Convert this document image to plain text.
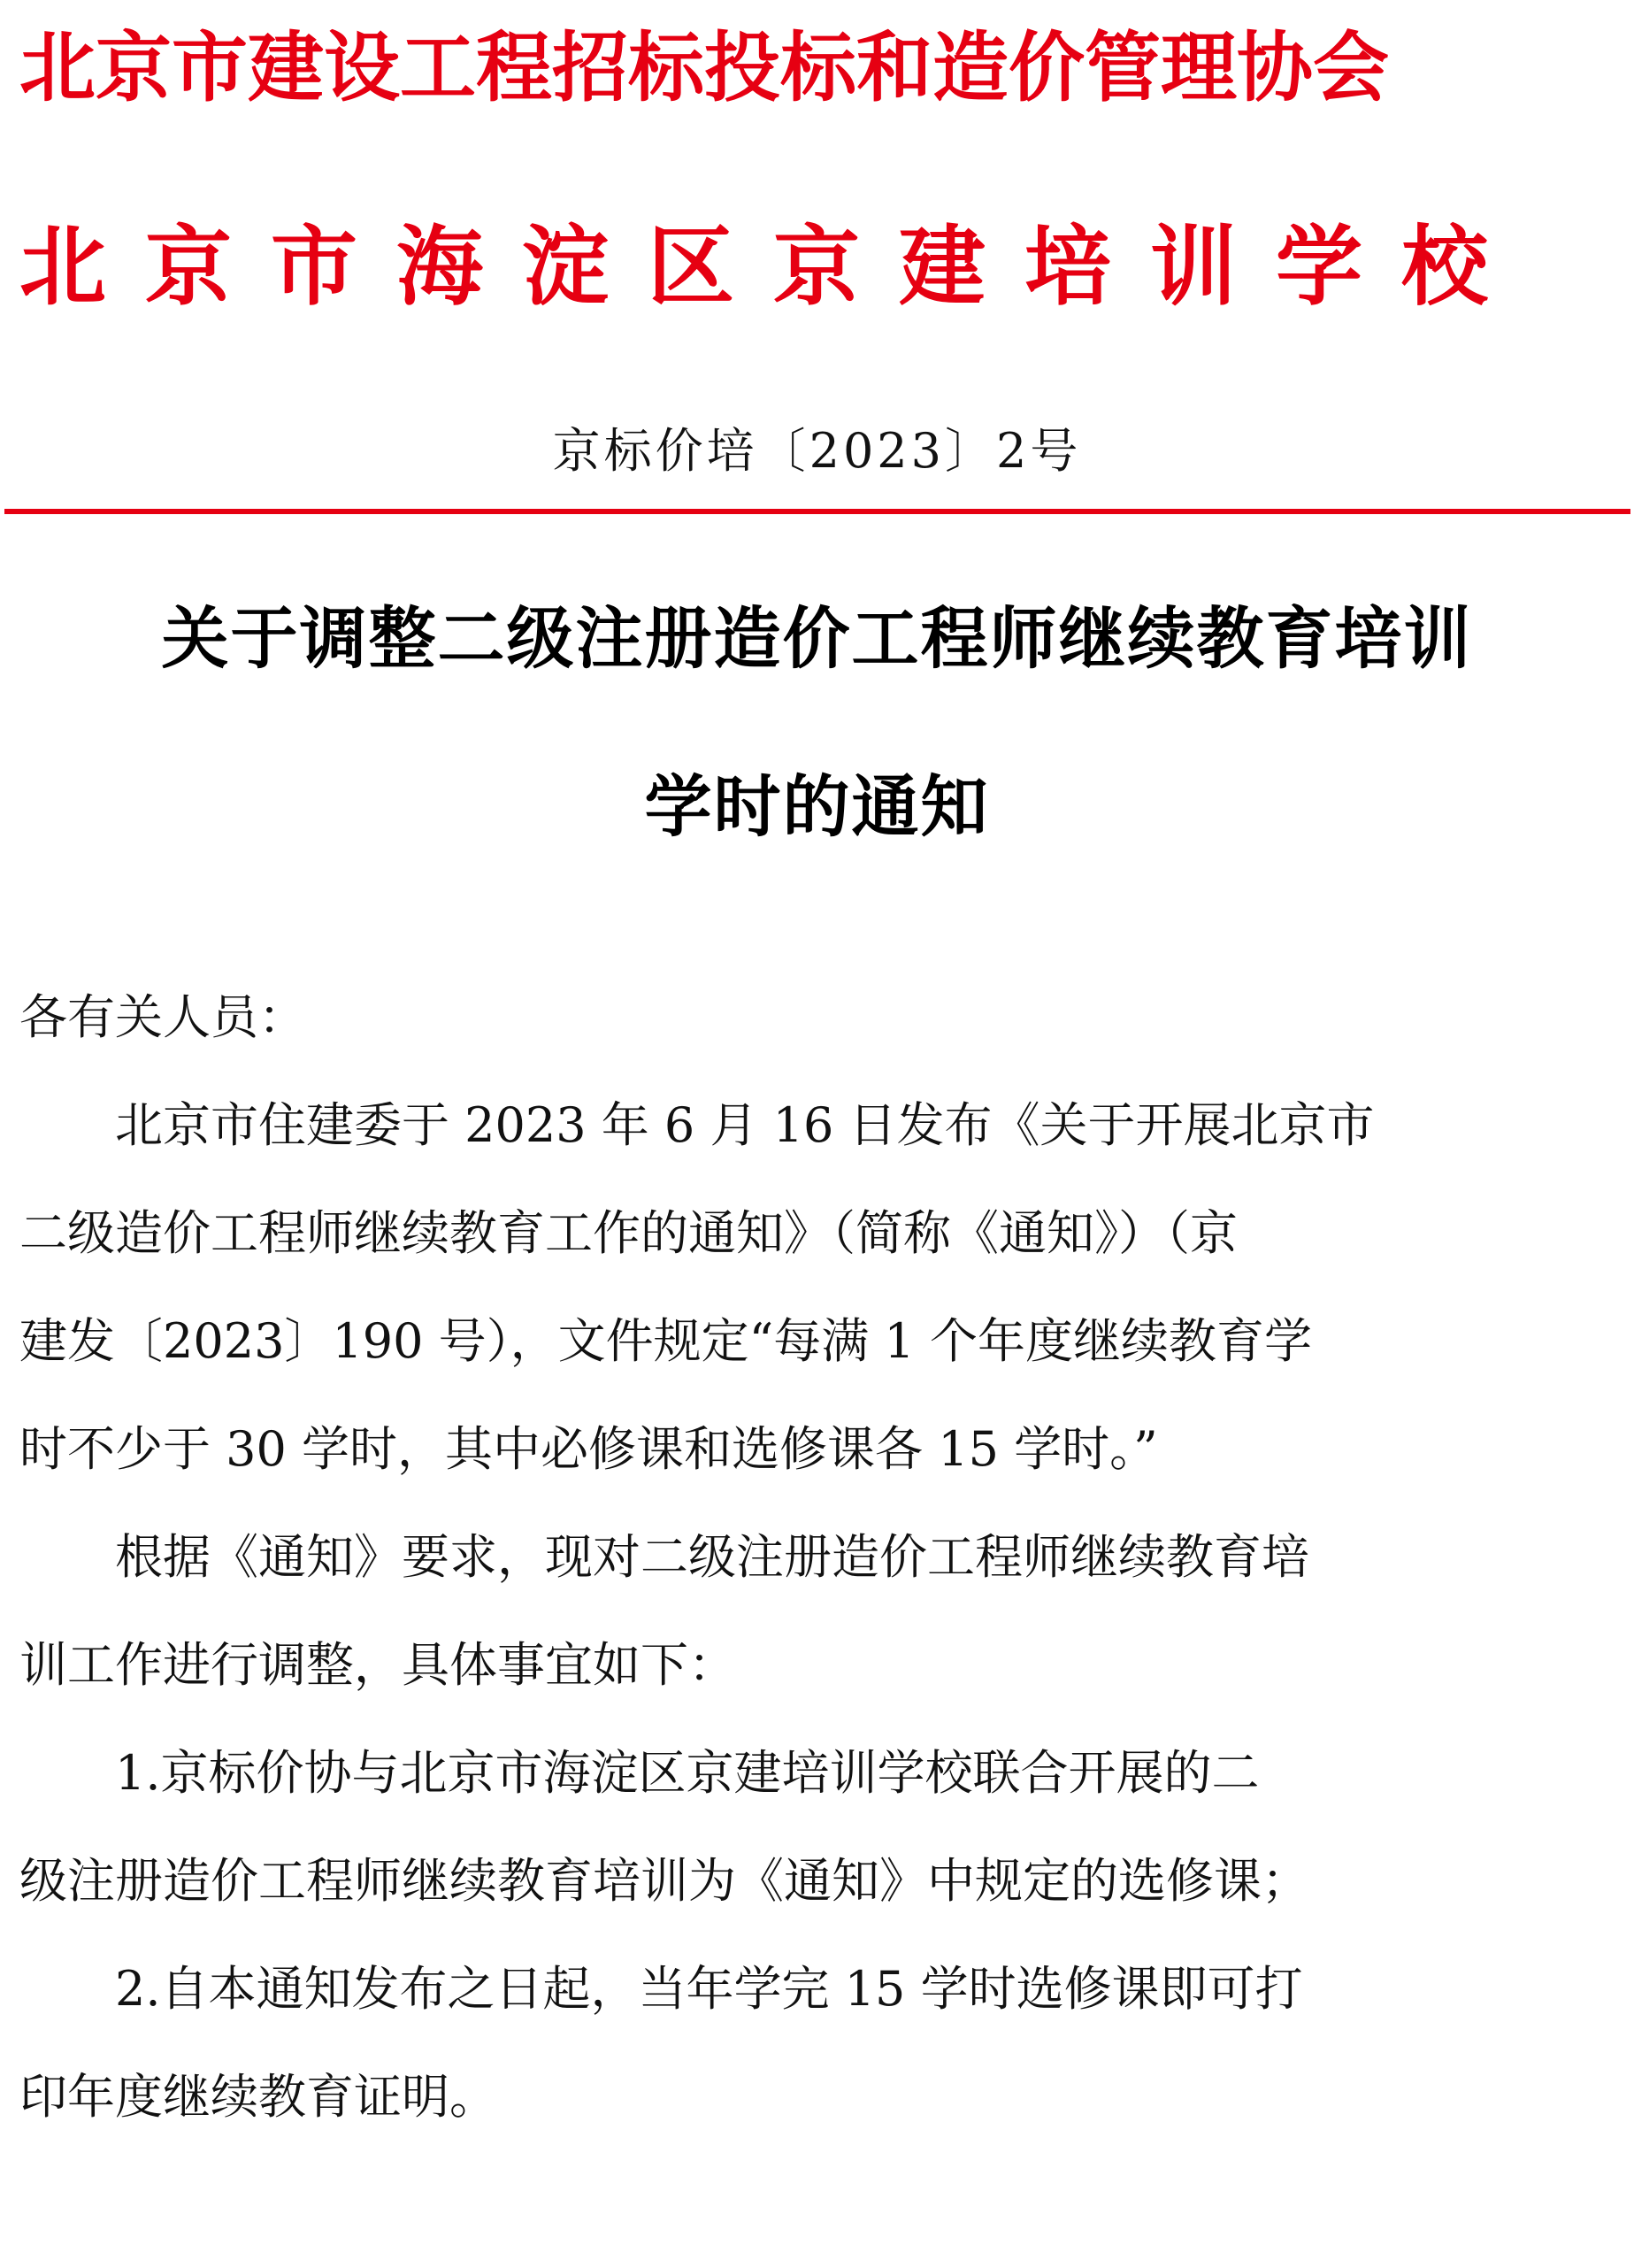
北京市建设工程招标投标和造价管理协会
北京市海淀区京建培训学校
京标价培〔2023〕2号
关于调整二级注册造价工程师继续教育培训
学时的通知
各有关人员：
　　北京市住建委于 2023 年 6 月 16 日发布《关于开展北京市
二级造价工程师继续教育工作的通知》（简称《通知》）（京
建发〔2023〕190 号），文件规定“每满 1 个年度继续教育学
时不少于 30 学时，其中必修课和选修课各 15 学时。”
　　根据《通知》要求，现对二级注册造价工程师继续教育培
训工作进行调整，具体事宜如下：
　　1.京标价协与北京市海淀区京建培训学校联合开展的二
级注册造价工程师继续教育培训为《通知》中规定的选修课；
　　2.自本通知发布之日起，当年学完 15 学时选修课即可打
印年度继续教育证明。
